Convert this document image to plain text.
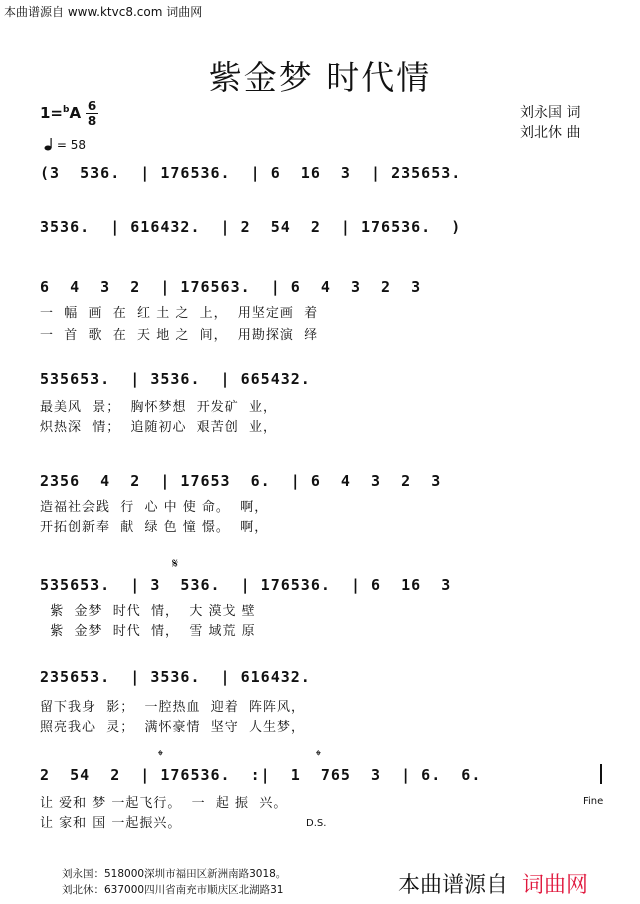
本曲谱源自 www.ktvc8.com 词曲网
紫金梦 时代情
1=$^b$A 6
8
= 58
刘永国 词
刘北休 曲
(3  536.  | 176536.  | 6  16  3  | 235653.
3536.  | 616432.  | 2  54  2  | 176536.  )
6  4  3  2  | 176563.  | 6  4  3  2  3
一  幅  画  在  红 土 之  上，  用坚定画  着
一  首  歌  在  天 地 之  间，  用勘探演  绎
535653.  | 3536.  | 665432.
最美风  景；  胸怀梦想  开发矿  业，
炽热深  情；  追随初心  艰苦创  业，
2356  4  2  | 17653  6.  | 6  4  3  2  3
造福社会践  行  心 中 使 命。  啊，
开拓创新奉  献  绿 色 憧 憬。  啊，
𝄋
535653.  | 3  536.  | 176536.  | 6  16  3
紫  金梦  时代  情，  大 漠戈 壁
紫  金梦  时代  情，  雪 域荒 原
235653.  | 3536.  | 616432.
留下我身  影；  一腔热血  迎着  阵阵风，
照亮我心  灵；  满怀豪情  坚守  人生梦，
𝄌	𝄌
2  54  2  | 176536.  :|  1  765  3  | 6.  6.
让 爱和 梦 一起飞行。  一  起 振  兴。
让 家和 国 一起振兴。
Fine
D.S.
刘永国：518000深圳市福田区新洲南路3018。
刘北休：637000四川省南充市顺庆区北湖路31	本曲谱源自 词曲网
